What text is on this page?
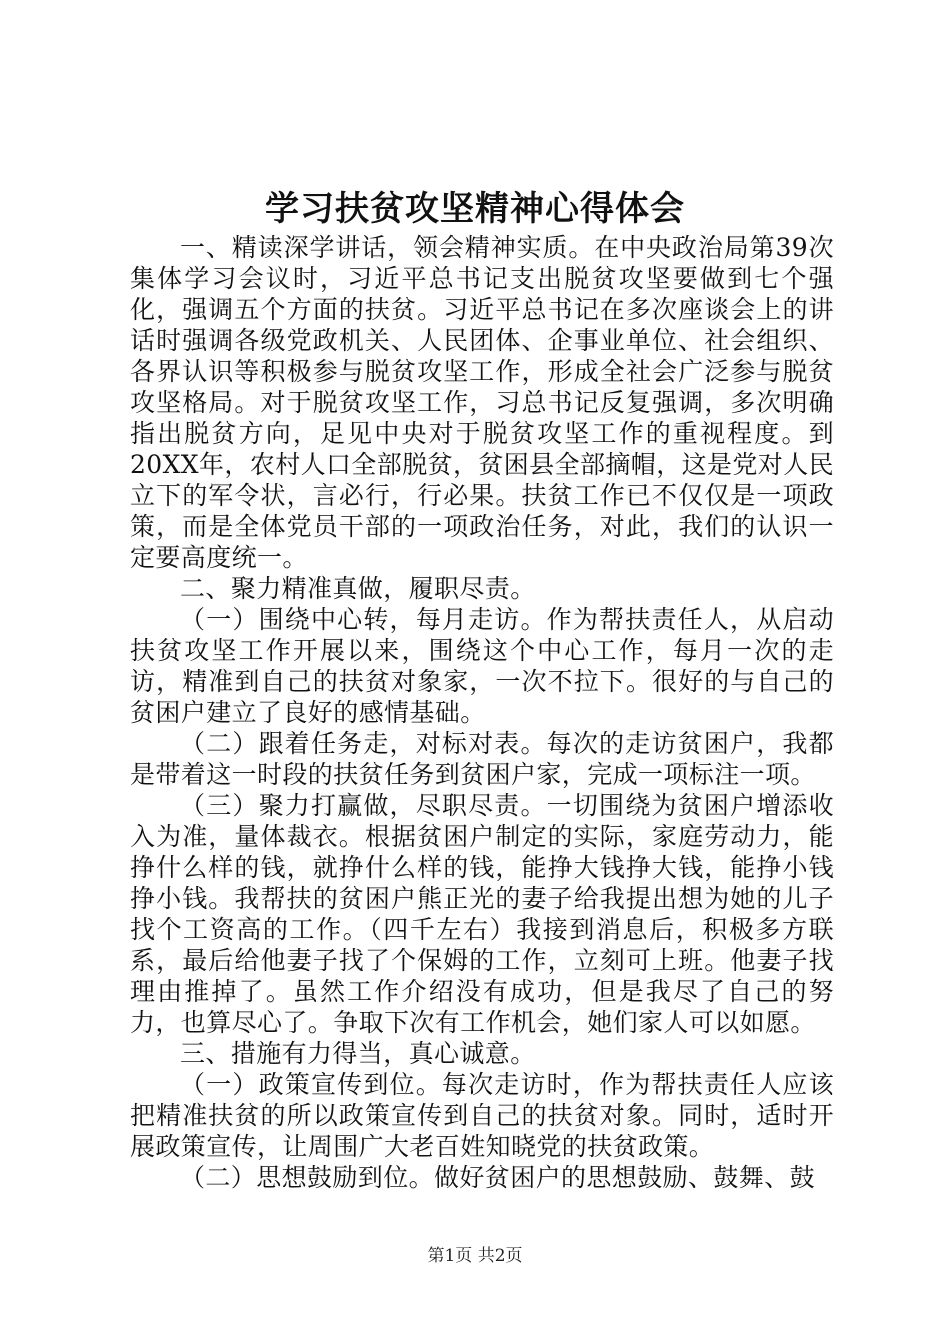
学习扶贫攻坚精神心得体会

一、精读深学讲话，领会精神实质。在中央政治局第39次集体学习会议时，习近平总书记支出脱贫攻坚要做到七个强化，强调五个方面的扶贫。习近平总书记在多次座谈会上的讲话时强调各级党政机关、人民团体、企事业单位、社会组织、各界认识等积极参与脱贫攻坚工作，形成全社会广泛参与脱贫攻坚格局。对于脱贫攻坚工作，习总书记反复强调，多次明确指出脱贫方向，足见中央对于脱贫攻坚工作的重视程度。到20XX年，农村人口全部脱贫，贫困县全部摘帽，这是党对人民立下的军令状，言必行，行必果。扶贫工作已不仅仅是一项政策，而是全体党员干部的一项政治任务，对此，我们的认识一定要高度统一。

二、聚力精准真做，履职尽责。

（一）围绕中心转，每月走访。作为帮扶责任人，从启动扶贫攻坚工作开展以来，围绕这个中心工作，每月一次的走访，精准到自己的扶贫对象家，一次不拉下。很好的与自己的贫困户建立了良好的感情基础。

（二）跟着任务走，对标对表。每次的走访贫困户，我都是带着这一时段的扶贫任务到贫困户家，完成一项标注一项。

（三）聚力打赢做，尽职尽责。一切围绕为贫困户增添收入为准，量体裁衣。根据贫困户制定的实际，家庭劳动力，能挣什么样的钱，就挣什么样的钱，能挣大钱挣大钱，能挣小钱挣小钱。我帮扶的贫困户熊正光的妻子给我提出想为她的儿子找个工资高的工作。（四千左右）我接到消息后，积极多方联系，最后给他妻子找了个保姆的工作，立刻可上班。他妻子找理由推掉了。虽然工作介绍没有成功，但是我尽了自己的努力，也算尽心了。争取下次有工作机会，她们家人可以如愿。

三、措施有力得当，真心诚意。

（一）政策宣传到位。每次走访时，作为帮扶责任人应该把精准扶贫的所以政策宣传到自己的扶贫对象。同时，适时开展政策宣传，让周围广大老百姓知晓党的扶贫政策。

（二）思想鼓励到位。做好贫困户的思想鼓励、鼓舞、鼓

第1页 共2页
